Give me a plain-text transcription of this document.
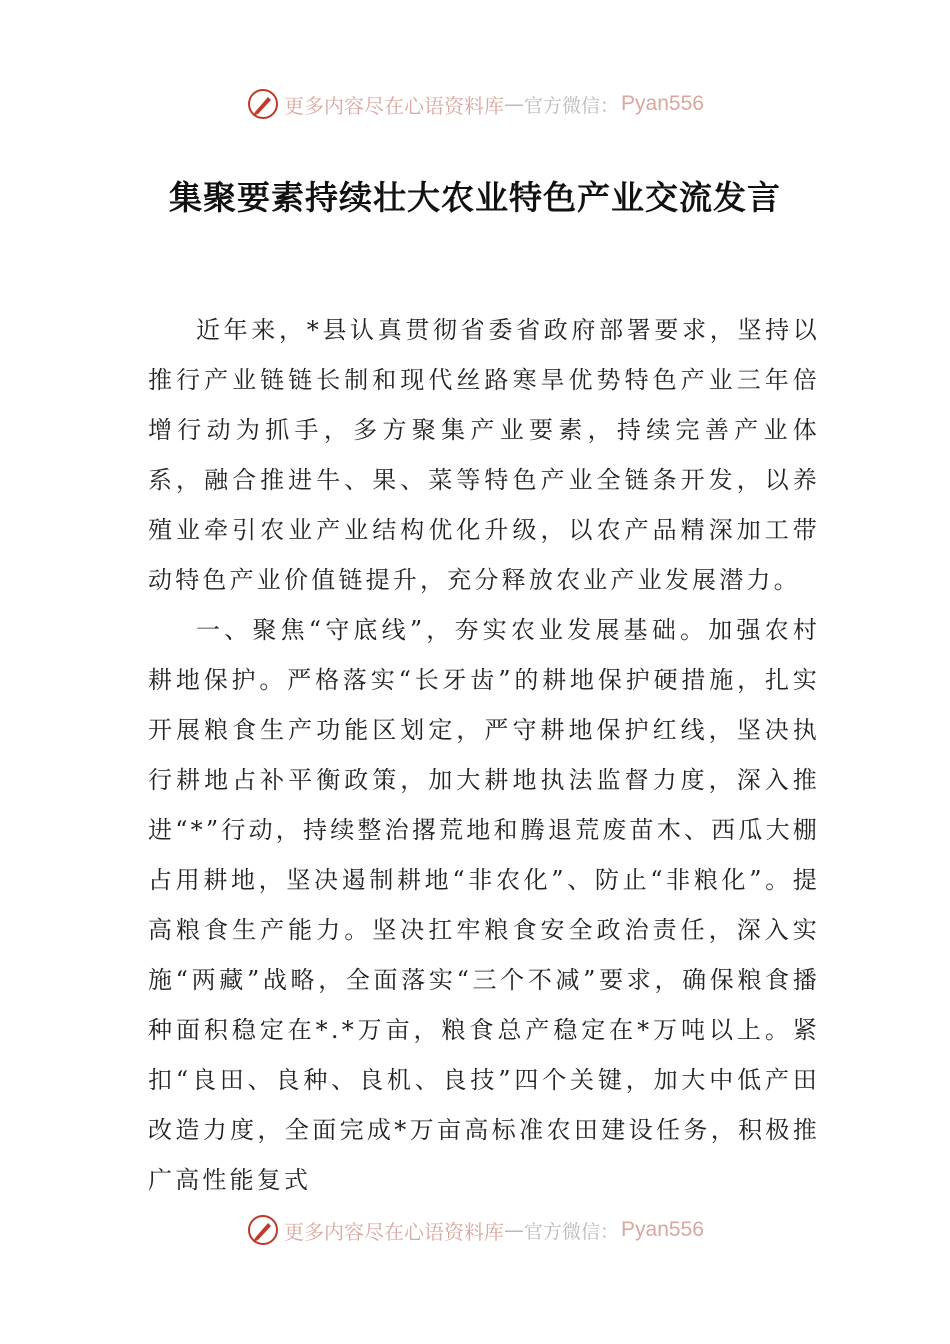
更多内容尽在心语资料库 — 官方微信： Pyan556
集聚要素持续壮大农业特色产业交流发言

近年来，*县认真贯彻省委省政府部署要求，坚持以推行产业链链长制和现代丝路寒旱优势特色产业三年倍增行动为抓手，多方聚集产业要素，持续完善产业体系，融合推进牛、果、菜等特色产业全链条开发，以养殖业牵引农业产业结构优化升级，以农产品精深加工带动特色产业价值链提升，充分释放农业产业发展潜力。

一、聚焦“守底线”，夯实农业发展基础。加强农村耕地保护。严格落实“长牙齿”的耕地保护硬措施，扎实开展粮食生产功能区划定，严守耕地保护红线，坚决执行耕地占补平衡政策，加大耕地执法监督力度，深入推进“*”行动，持续整治撂荒地和腾退荒废苗木、西瓜大棚占用耕地，坚决遏制耕地“非农化”、防止“非粮化”。提高粮食生产能力。坚决扛牢粮食安全政治责任，深入实施“两藏”战略，全面落实“三个不减”要求，确保粮食播种面积稳定在*.*万亩，粮食总产稳定在*万吨以上。紧扣“良田、良种、良机、良技”四个关键，加大中低产田改造力度，全面完成*万亩高标准农田建设任务，积极推广高性能复式

更多内容尽在心语资料库 — 官方微信： Pyan556
